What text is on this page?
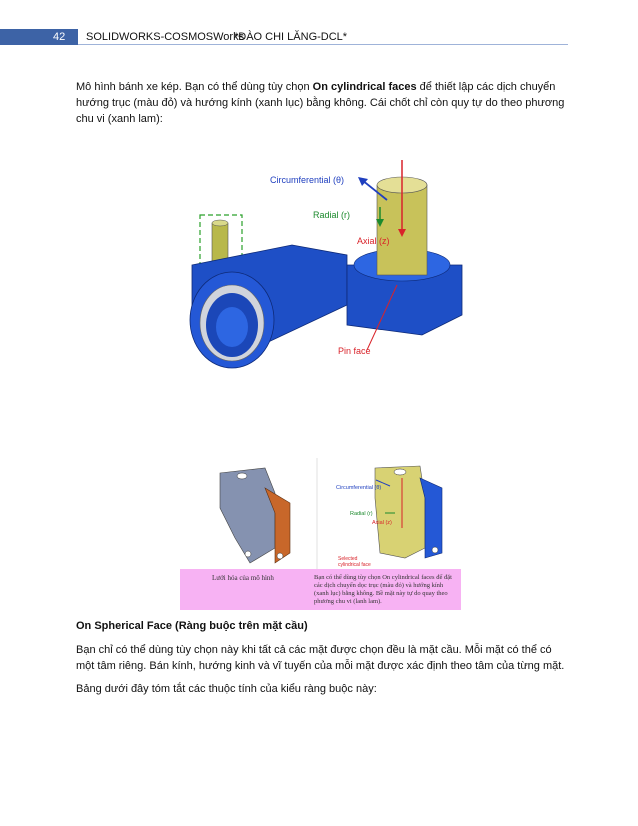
42 SOLIDWORKS-COSMOSWorks
*ĐÀO CHI LĂNG-DCL*
Mô hình bánh xe kép. Bạn có thể dùng tùy chọn On cylindrical faces để thiết lập các dịch chuyển hướng trục (màu đỏ) và hướng kính (xanh lục) bằng không. Cái chốt chỉ còn quy tự do theo phương chu vi (xanh lam):
Circumferential (θ)
Radial (r)
Axial (z)
Pin face
Circumferential (θ)
Radial (r)
Axial (z)
Selected cylindrical face
Lưới hóa của mô hình	Bạn có thể dùng tùy chọn On cylindrical faces để đặt các dịch chuyển dọc trục (màu đỏ) và hướng kính (xanh lục) bằng không. Bề mặt này tự do quay theo phương chu vi (lanh lam).
On Spherical Face (Ràng buộc trên mặt cầu)
Bạn chỉ có thể dùng tùy chọn này khi tất cả các mặt được chọn đều là mặt cầu. Mỗi mặt có thể có một tâm riêng. Bán kính, hướng kinh và vĩ tuyến của mỗi mặt được xác định theo tâm của từng mặt.
Bảng dưới đây tóm tắt các thuộc tính của kiểu ràng buộc này:
